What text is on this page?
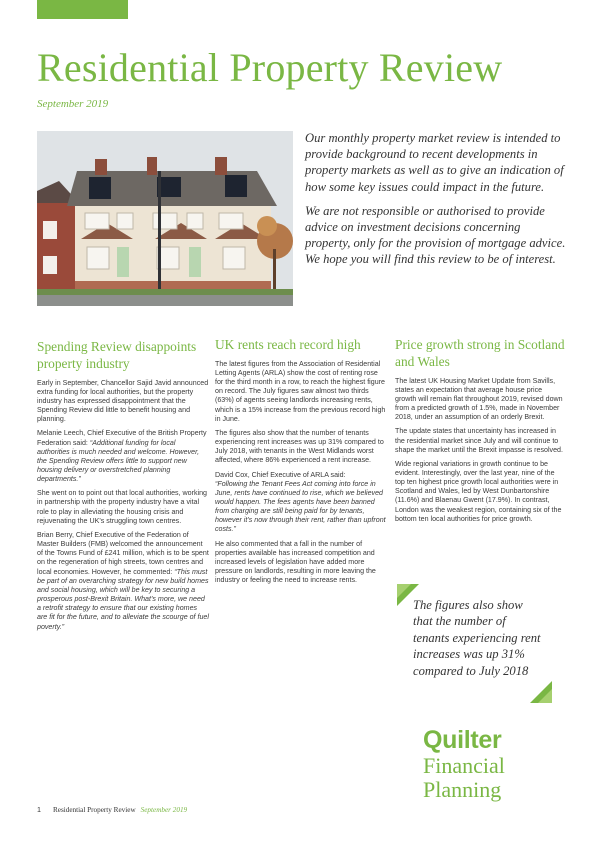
Residential Property Review
September 2019

Our monthly property market review is intended to provide background to recent developments in property markets as well as to give an indication of how some key issues could impact in the future.

We are not responsible or authorised to provide advice on investment decisions concerning property, only for the provision of mortgage advice. We hope you will find this review to be of interest.

Spending Review disappoints property industry

Early in September, Chancellor Sajid Javid announced extra funding for local authorities, but the property industry has expressed disappointment that the Spending Review did little to benefit housing and planning.

Melanie Leech, Chief Executive of the British Property Federation said: “Additional funding for local authorities is much needed and welcome. However, the Spending Review offers little to support new housing delivery or overstretched planning departments.”

She went on to point out that local authorities, working in partnership with the property industry have a vital role to play in alleviating the housing crisis and rejuvenating the UK’s struggling town centres.

Brian Berry, Chief Executive of the Federation of Master Builders (FMB) welcomed the announcement of the Towns Fund of £241 million, which is to be spent on the regeneration of high streets, town centres and local economies. However, he commented: “This must be part of an overarching strategy for new build homes and social housing, which will be key to securing a prosperous post-Brexit Britain. What’s more, we need a retrofit strategy to ensure that our existing homes are fit for the future, and to alleviate the scourge of fuel poverty.”

UK rents reach record high

The latest figures from the Association of Residential Letting Agents (ARLA) show the cost of renting rose for the third month in a row, to reach the highest figure on record. The July figures saw almost two thirds (63%) of agents seeing landlords increasing rents, which is a 15% increase from the previous record high in June.

The figures also show that the number of tenants experiencing rent increases was up 31% compared to July 2018, with tenants in the West Midlands worst affected, where 86% experienced a rent increase.

David Cox, Chief Executive of ARLA said:

“Following the Tenant Fees Act coming into force in June, rents have continued to rise, which we believed would happen. The fees agents have been banned from charging are still being paid for by tenants, however it’s now through their rent, rather than upfront costs.”

He also commented that a fall in the number of properties available has increased competition and increased levels of legislation have added more pressure on landlords, resulting in more leaving the industry or feeling the need to increase rents.

Price growth strong in Scotland and Wales

The latest UK Housing Market Update from Savills, states an expectation that average house price growth will remain flat throughout 2019, revised down from a predicted growth of 1.5%, made in November 2018, under an assumption of an orderly Brexit.

The update states that uncertainty has increased in the residential market since July and will continue to shape the market until the Brexit impasse is resolved.

Wide regional variations in growth continue to be evident. Interestingly, over the last year, nine of the top ten highest price growth local authorities were in Scotland and Wales, led by West Dunbartonshire (11.6%) and Blaenau Gwent (17.9%). In contrast, London was the weakest region, containing six of the bottom ten local authorities for price growth.

The figures also show that the number of tenants experiencing rent increases was up 31% compared to July 2018
Quilter
Financial
Planning
1 Residential Property Review September 2019
